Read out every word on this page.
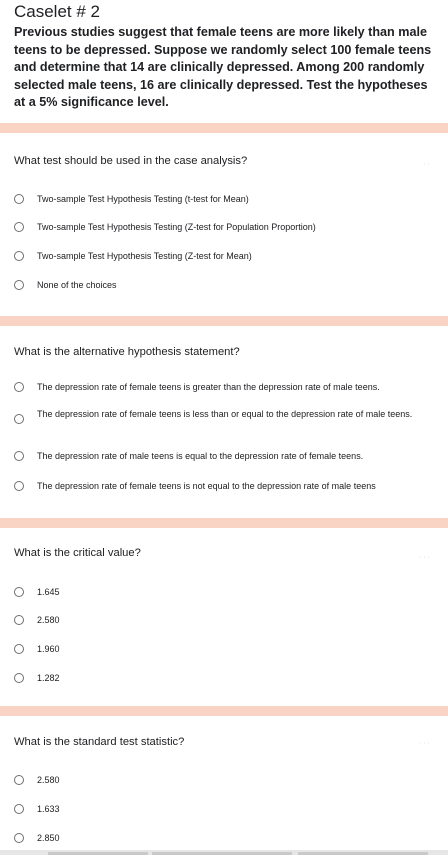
Caselet # 2

Previous studies suggest that female teens are more likely than male teens to be depressed. Suppose we randomly select 100 female teens and determine that 14 are clinically depressed. Among 200 randomly selected male teens, 16 are clinically depressed. Test the hypotheses at a 5% significance level.

What test should be used in the case analysis?	· ·
Two-sample Test Hypothesis Testing (t-test for Mean)
Two-sample Test Hypothesis Testing (Z-test for Population Proportion)
Two-sample Test Hypothesis Testing (Z-test for Mean)
None of the choices

What is the alternative hypothesis statement?

The depression rate of female teens is greater than the depression rate of male teens.
The depression rate of female teens is less than or equal to the depression rate of male teens.
The depression rate of male teens is equal to the depression rate of female teens.
The depression rate of female teens is not equal to the depression rate of male teens

What is the critical value?	· · ·
1.645
2.580
1.960
1.282

What is the standard test statistic?	· · ·
2.580
1.633
2.850
